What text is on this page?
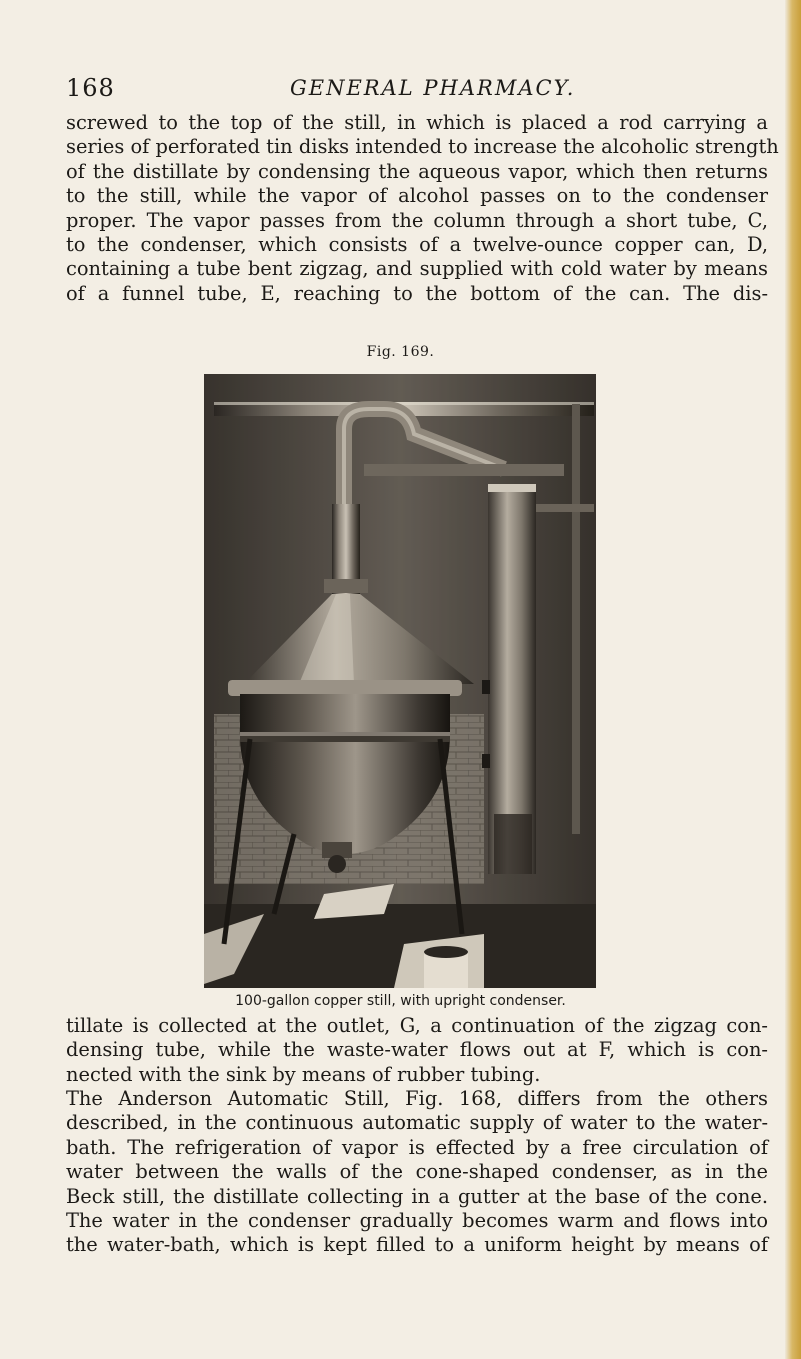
168	GENERAL PHARMACY.

screwed to the top of the still, in which is placed a rod carrying a
series of perforated tin disks intended to increase the alcoholic strength
of the distillate by condensing the aqueous vapor, which then returns
to the still, while the vapor of alcohol passes on to the condenser
proper. The vapor passes from the column through a short tube, C,
to the condenser, which consists of a twelve-ounce copper can, D,
containing a tube bent zigzag, and supplied with cold water by means
of a funnel tube, E, reaching to the bottom of the can. The dis-

Fig. 169.
100-gallon copper still, with upright condenser.

tillate is collected at the outlet, G, a continuation of the zigzag con-
densing tube, while the waste-water flows out at F, which is con-
nected with the sink by means of rubber tubing.

The Anderson Automatic Still, Fig. 168, differs from the others
described, in the continuous automatic supply of water to the water-
bath. The refrigeration of vapor is effected by a free circulation of
water between the walls of the cone-shaped condenser, as in the
Beck still, the distillate collecting in a gutter at the base of the cone.
The water in the condenser gradually becomes warm and flows into
the water-bath, which is kept filled to a uniform height by means of
